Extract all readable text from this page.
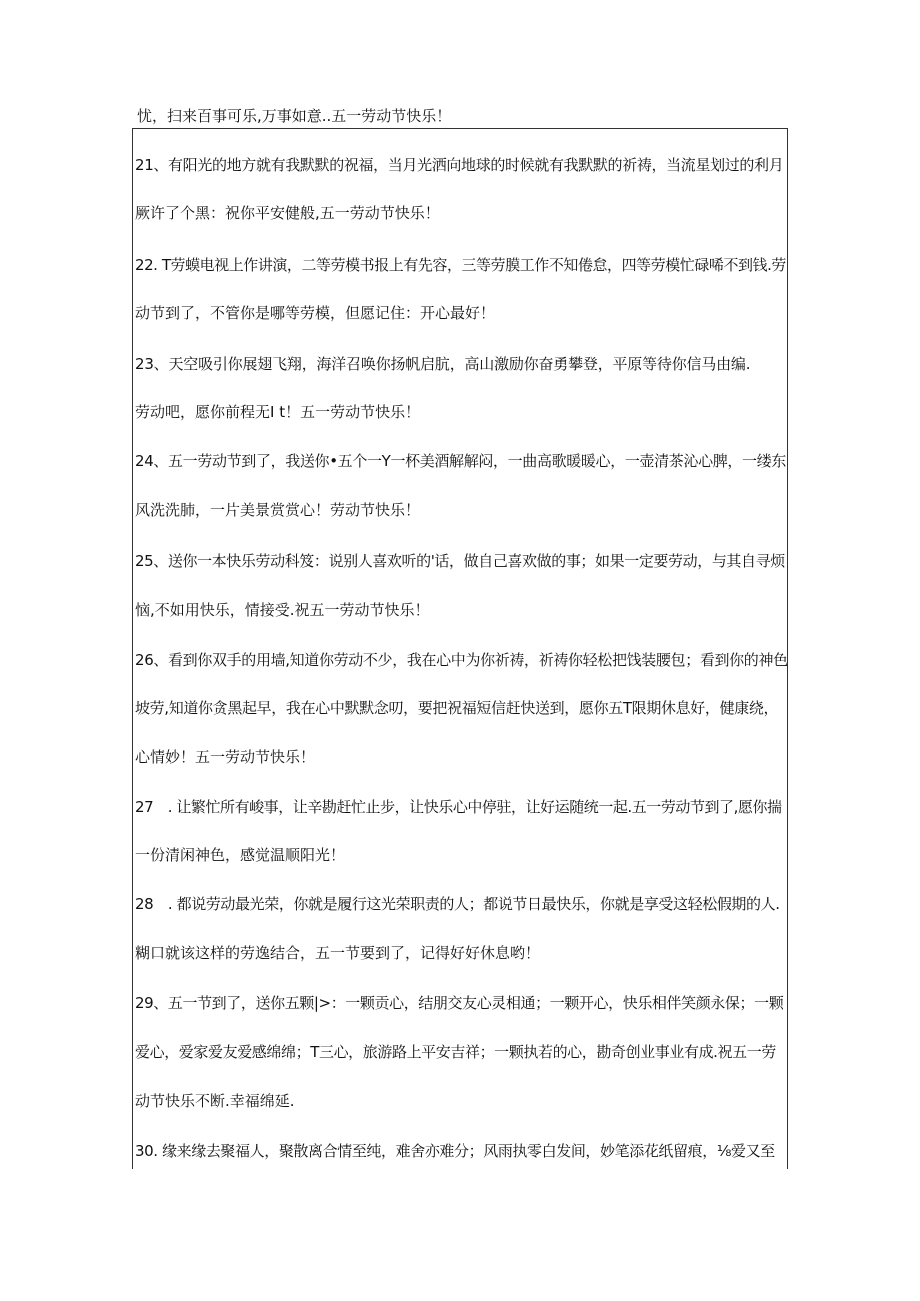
忧，扫来百事可乐,万事如意..五一劳动节快乐！
21、有阳光的地方就有我默默的祝福，当月光洒向地球的时候就有我默默的祈祷，当流星划过的利月
厥许了个黑：祝你平安健般,五一劳动节快乐！
22. T劳蟆电视上作讲演，二等劳模书报上有先容，三等劳膜工作不知倦怠，四等劳模忙碌唏不到钱.劳
动节到了，不管你是哪等劳模，但愿记住：开心最好！
23、天空吸引你展翅飞翔，海洋召唤你扬帆启肮，高山激励你奋勇攀登，平原等待你信马由编.
劳动吧，愿你前程无I t！五一劳动节快乐！
24、五一劳动节到了，我送你•五个一Y一杯美酒解解闷，一曲高歌暖暖心，一壶清茶沁心脾，一缕东
风洗洗肺，一片美景赏赏心！劳动节快乐！
25、送你一本快乐劳动科笈：说别人喜欢听的'话，做自己喜欢做的事；如果一定要劳动，与其自寻烦
恼,不如用快乐，情接受.祝五一劳动节快乐！
26、看到你双手的用墙,知道你劳动不少，我在心中为你祈祷，祈祷你轻松把饯装腰包；看到你的神色
坡劳,知道你贪黑起早，我在心中默默念叨，要把祝福短信赶快送到，愿你五T限期休息好，健康绕，
心情妙！五一劳动节快乐！
27　. 让繁忙所有峻事，让辛勘赶忙止步，让快乐心中停驻，让好运随统一起.五一劳动节到了,愿你揣
一份清闲神色，感觉温顺阳光！
28　. 都说劳动最光荣，你就是履行这光荣职责的人；都说节日最快乐，你就是享受这轻松假期的人.
糊口就该这样的劳逸结合，五一节要到了，记得好好休息哟！
29、五一节到了，送你五颗|>：一颗贡心，结朋交友心灵相通；一颗开心，快乐相伴笑颜永保；一颗
爱心，爱家爱友爱感绵绵；T三心，旅游路上平安吉祥；一颗执若的心，勘奇创业事业有成.祝五一劳
动节快乐不断.幸福绵延.
30. 缘来缘去聚福人，聚散离合情至纯，难舍亦难分；风雨执零白发间，妙笔添花纸留痕，⅛爱又至
